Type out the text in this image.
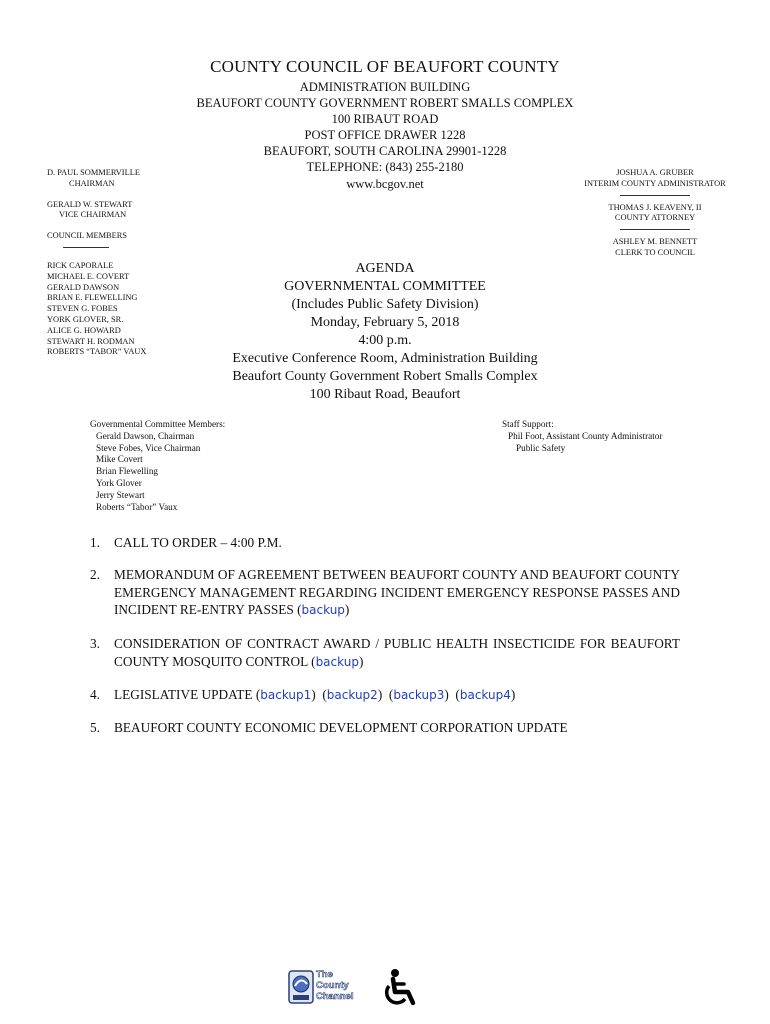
COUNTY COUNCIL OF BEAUFORT COUNTY
ADMINISTRATION BUILDING
BEAUFORT COUNTY GOVERNMENT ROBERT SMALLS COMPLEX
100 RIBAUT ROAD
POST OFFICE DRAWER 1228
BEAUFORT, SOUTH CAROLINA 29901-1228
TELEPHONE: (843) 255-2180
www.bcgov.net
D. PAUL SOMMERVILLE
CHAIRMAN
GERALD W. STEWART
VICE CHAIRMAN
COUNCIL MEMBERS
RICK CAPORALE
MICHAEL E. COVERT
GERALD DAWSON
BRIAN E. FLEWELLING
STEVEN G. FOBES
YORK GLOVER, SR.
ALICE G. HOWARD
STEWART H. RODMAN
ROBERTS “TABOR” VAUX
JOSHUA A. GRUBER
INTERIM COUNTY ADMINISTRATOR
THOMAS J. KEAVENY, II
COUNTY ATTORNEY
ASHLEY M. BENNETT
CLERK TO COUNCIL
AGENDA
GOVERNMENTAL COMMITTEE
(Includes Public Safety Division)
Monday, February 5, 2018
4:00 p.m.
Executive Conference Room, Administration Building
Beaufort County Government Robert Smalls Complex
100 Ribaut Road, Beaufort
Governmental Committee Members:
Gerald Dawson, Chairman
Steve Fobes, Vice Chairman
Mike Covert
Brian Flewelling
York Glover
Jerry Stewart
Roberts “Tabor” Vaux
Staff Support:
Phil Foot, Assistant County Administrator
Public Safety
1.	CALL TO ORDER – 4:00 P.M.
2.	MEMORANDUM OF AGREEMENT BETWEEN BEAUFORT COUNTY AND BEAUFORT COUNTY EMERGENCY MANAGEMENT REGARDING INCIDENT EMERGENCY RESPONSE PASSES AND INCIDENT RE-ENTRY PASSES (backup)
3.	CONSIDERATION OF CONTRACT AWARD / PUBLIC HEALTH INSECTICIDE FOR BEAUFORT COUNTY MOSQUITO CONTROL (backup)
4.	LEGISLATIVE UPDATE (backup1)  (backup2)  (backup3)  (backup4)
5.	BEAUFORT COUNTY ECONOMIC DEVELOPMENT CORPORATION UPDATE
The
County
Channel
